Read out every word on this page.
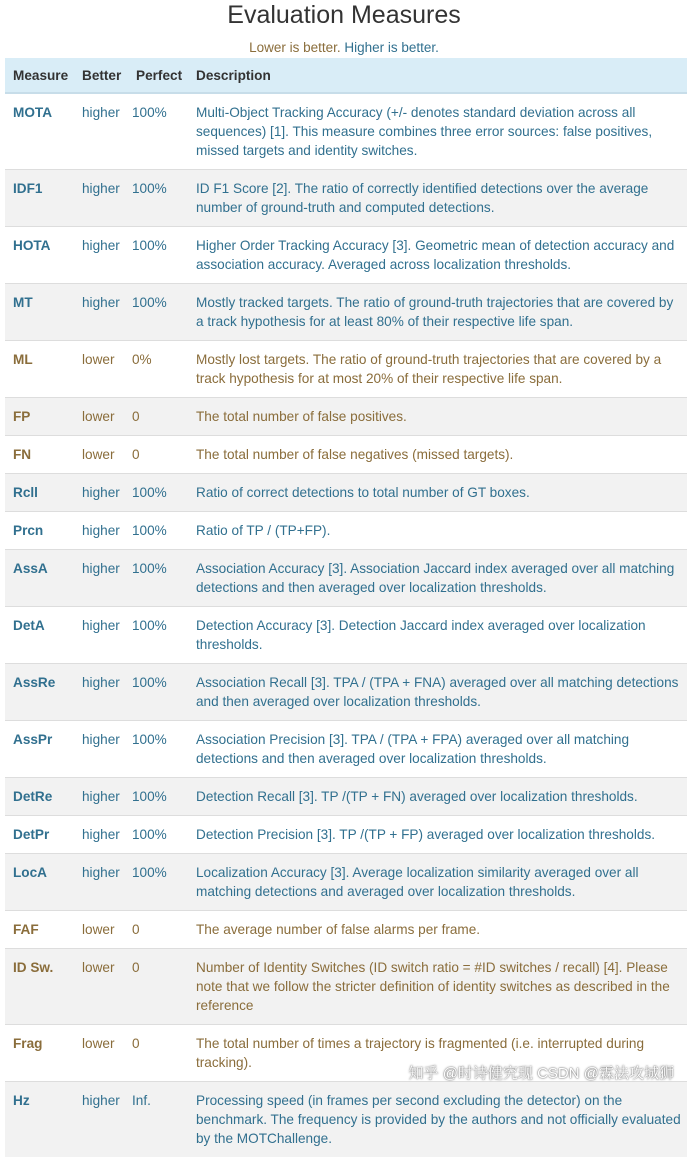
Evaluation Measures
Lower is better. Higher is better.
Measure	Better	Perfect	Description
MOTA	higher	100%	Multi-Object Tracking Accuracy (+/- denotes standard deviation across all sequences) [1]. This measure combines three error sources: false positives, missed targets and identity switches.
IDF1	higher	100%	ID F1 Score [2]. The ratio of correctly identified detections over the average number of ground-truth and computed detections.
HOTA	higher	100%	Higher Order Tracking Accuracy [3]. Geometric mean of detection accuracy and association accuracy. Averaged across localization thresholds.
MT	higher	100%	Mostly tracked targets. The ratio of ground-truth trajectories that are covered by a track hypothesis for at least 80% of their respective life span.
ML	lower	0%	Mostly lost targets. The ratio of ground-truth trajectories that are covered by a track hypothesis for at most 20% of their respective life span.
FP	lower	0	The total number of false positives.
FN	lower	0	The total number of false negatives (missed targets).
Rcll	higher	100%	Ratio of correct detections to total number of GT boxes.
Prcn	higher	100%	Ratio of TP / (TP+FP).
AssA	higher	100%	Association Accuracy [3]. Association Jaccard index averaged over all matching detections and then averaged over localization thresholds.
DetA	higher	100%	Detection Accuracy [3]. Detection Jaccard index averaged over localization thresholds.
AssRe	higher	100%	Association Recall [3]. TPA / (TPA + FNA) averaged over all matching detections and then averaged over localization thresholds.
AssPr	higher	100%	Association Precision [3]. TPA / (TPA + FPA) averaged over all matching detections and then averaged over localization thresholds.
DetRe	higher	100%	Detection Recall [3]. TP /(TP + FN) averaged over localization thresholds.
DetPr	higher	100%	Detection Precision [3]. TP /(TP + FP) averaged over localization thresholds.
LocA	higher	100%	Localization Accuracy [3]. Average localization similarity averaged over all matching detections and averaged over localization thresholds.
FAF	lower	0	The average number of false alarms per frame.
ID Sw.	lower	0	Number of Identity Switches (ID switch ratio = #ID switches / recall) [4]. Please note that we follow the stricter definition of identity switches as described in the reference
Frag	lower	0	The total number of times a trajectory is fragmented (i.e. interrupted during tracking).
Hz	higher	Inf.	Processing speed (in frames per second excluding the detector) on the benchmark. The frequency is provided by the authors and not officially evaluated by the MOTChallenge.
知乎 @时诗健究现 CSDN @霖法攻城狮
